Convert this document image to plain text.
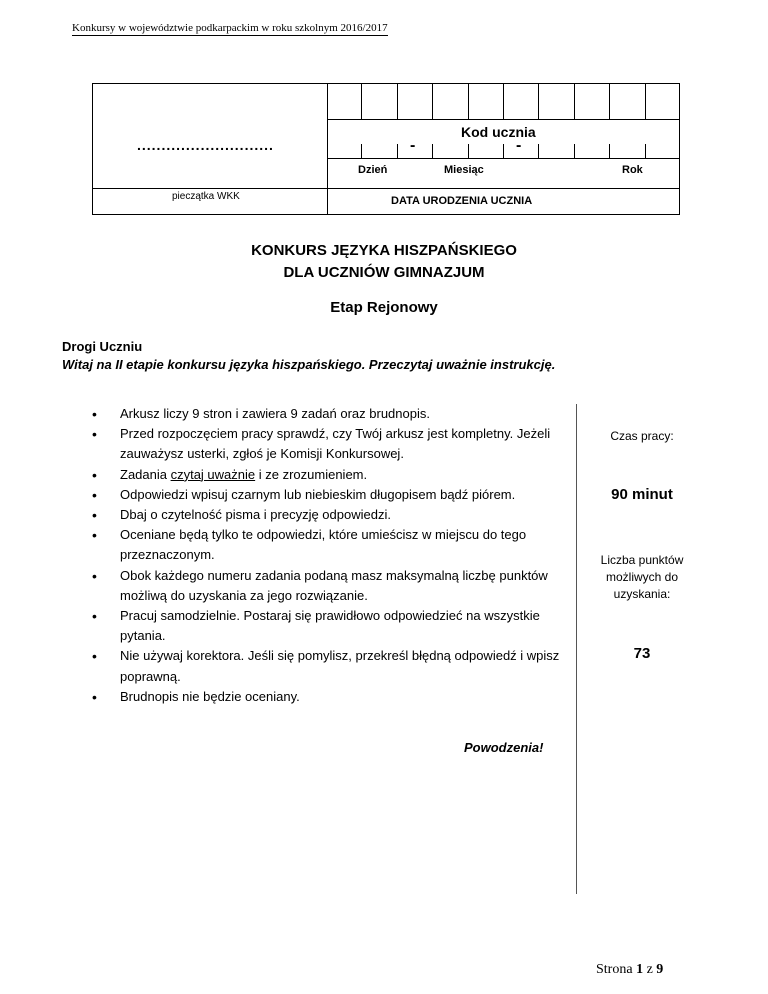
Konkursy w województwie podkarpackim w roku szkolnym 2016/2017
............................
pieczątka WKK
Kod ucznia
-	-
Dzień	Miesiąc	Rok
DATA URODZENIA UCZNIA
KONKURS JĘZYKA HISZPAŃSKIEGO
DLA UCZNIÓW GIMNAZJUM
Etap Rejonowy
Drogi Uczniu
Witaj na II etapie konkursu języka hiszpańskiego. Przeczytaj uważnie instrukcję.
• Arkusz liczy 9 stron i zawiera 9 zadań oraz brudnopis.
• Przed rozpoczęciem pracy sprawdź, czy Twój arkusz jest kompletny. Jeżeli zauważysz usterki, zgłoś je Komisji Konkursowej.
• Zadania czytaj uważnie i ze zrozumieniem.
• Odpowiedzi wpisuj czarnym lub niebieskim długopisem bądź piórem.
• Dbaj o czytelność pisma i precyzję odpowiedzi.
• Oceniane będą tylko te odpowiedzi, które umieścisz w miejscu do tego przeznaczonym.
• Obok każdego numeru zadania podaną masz maksymalną liczbę punktów możliwą do uzyskania za jego rozwiązanie.
• Pracuj samodzielnie. Postaraj się prawidłowo odpowiedzieć na wszystkie pytania.
• Nie używaj korektora. Jeśli się pomylisz, przekreśl błędną odpowiedź i wpisz poprawną.
• Brudnopis nie będzie oceniany.
Powodzenia!
Czas pracy:
90 minut
Liczba punktów możliwych do uzyskania:
73
Strona 1 z 9
